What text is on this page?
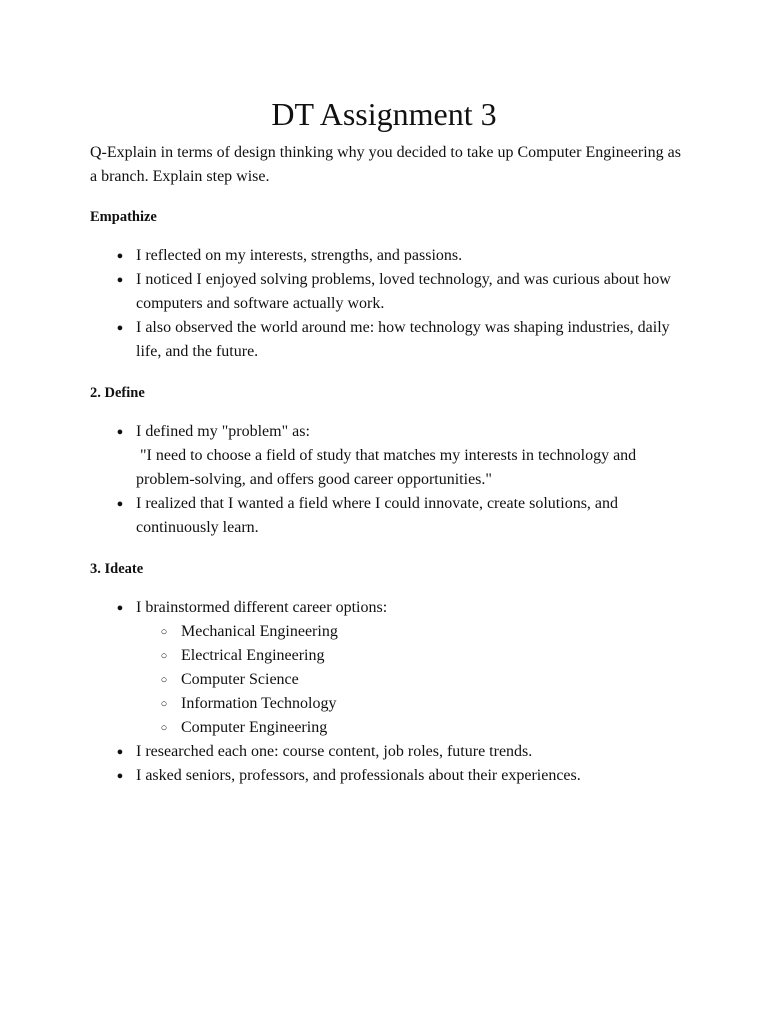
DT Assignment 3

Q-Explain in terms of design thinking why you decided to take up Computer Engineering as a branch. Explain step wise.

Empathize

● I reflected on my interests, strengths, and passions.
● I noticed I enjoyed solving problems, loved technology, and was curious about how computers and software actually work.
● I also observed the world around me: how technology was shaping industries, daily life, and the future.

2. Define

● I defined my "problem" as:
"I need to choose a field of study that matches my interests in technology and problem-solving, and offers good career opportunities."
● I realized that I wanted a field where I could innovate, create solutions, and continuously learn.

3. Ideate

● I brainstormed different career options:
○ Mechanical Engineering
○ Electrical Engineering
○ Computer Science
○ Information Technology
○ Computer Engineering
● I researched each one: course content, job roles, future trends.
● I asked seniors, professors, and professionals about their experiences.
